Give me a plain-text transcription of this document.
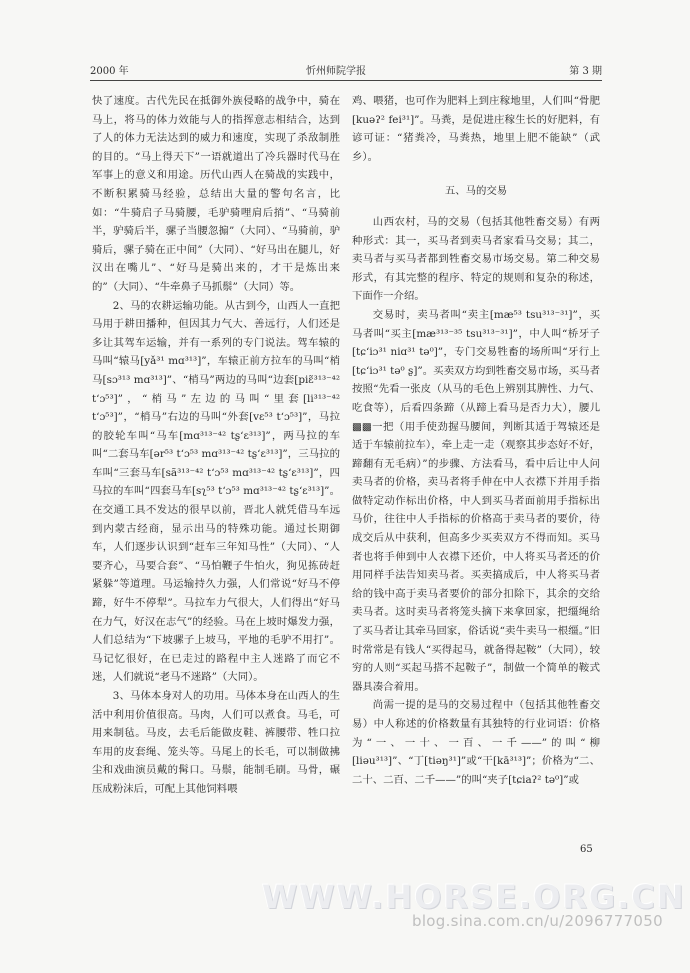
2000 年	忻州师院学报	第 3 期

快了速度。古代先民在抵御外族侵略的战争中，骑在马上，将马的体力效能与人的指挥意志相结合，达到了人的体力无法达到的威力和速度，实现了杀敌制胜的目的。“马上得天下”一语就道出了冷兵器时代马在军事上的意义和用途。历代山西人在骑战的实践中，不断积累骑马经验，总结出大量的警句名言，比如：“牛骑启子马骑腰，毛驴骑哩肩后捎”、“马骑前半，驴骑后半，骡子当腰忽搧”（大同）、“马骑前，驴骑后，骡子骑在正中间”（大同）、“好马出在腿儿，好汉出在嘴儿”、“好马是骑出来的，才干是炼出来的”（大同）、“牛牵鼻子马抓鬃”（大同）等。

2、马的农耕运输功能。从古到今，山西人一直把马用于耕田播种，但因其力气大、善远行，人们还是多让其驾车运输，并有一系列的专门说法。驾车辕的马叫“辕马[yǎ³¹ mɑ³¹³]”，车辕正前方拉车的马叫“梢马[sɔ³¹³ mɑ³¹³]”、“梢马”两边的马叫“边套[piɛ̃³¹³⁻⁴² tʻɔ⁵³]”，“梢马”左边的马叫“里套[li³¹³⁻⁴² tʻɔ⁵³]”，“梢马”右边的马叫“外套[vɛ⁵³ tʻɔ⁵³]”，马拉的胶轮车叫“马车[mɑ³¹³⁻⁴² tʂʻɛ³¹³]”，两马拉的车叫“二套马车[ər⁵³ tʻɔ⁵³ mɑ³¹³⁻⁴² tʂʻɛ³¹³]”，三马拉的车叫“三套马车[sã³¹³⁻⁴² tʻɔ⁵³ mɑ³¹³⁻⁴² tʂʻɛ³¹³]”，四马拉的车叫“四套马车[sʅ⁵³ tʻɔ⁵³ mɑ³¹³⁻⁴² tʂʻɛ³¹³]”。在交通工具不发达的很早以前，晋北人就凭借马车远到内蒙古经商，显示出马的特殊功能。通过长期御车，人们逐步认识到“赶车三年知马性”（大同）、“人要齐心，马要合套”、“马怕鞭子牛怕火，狗见拣砖赶紧躲”等道理。马运输持久力强，人们常说“好马不停蹄，好牛不停犁”。马拉车力气很大，人们得出“好马在力气，好汉在志气”的经验。马在上坡时爆发力强，人们总结为“下坡骡子上坡马，平地的毛驴不用打”。马记忆很好，在已走过的路程中主人迷路了而它不迷，人们就说“老马不迷路”（大同）。

3、马体本身对人的功用。马体本身在山西人的生活中利用价值很高。马肉，人们可以煮食。马毛，可用来制毡。马皮，去毛后能做皮鞋、裤腰带、牲口拉车用的皮套绳、笼头等。马尾上的长毛，可以制做拂尘和戏曲演员戴的髯口。马鬃，能制毛刷。马骨，碾压成粉沫后，可配上其他饲料喂

鸡、喂猪，也可作为肥料上到庄稼地里，人们叫“骨肥[kuəʔ² fei³¹]”。马粪，是促进庄稼生长的好肥料，有谚可证：“猪粪冷，马粪热，地里上肥不能缺”（武乡）。

五、马的交易

山西农村，马的交易（包括其他牲畜交易）有两种形式：其一，买马者到卖马者家看马交易；其二，卖马者与买马者都到牲畜交易市场交易。第二种交易形式，有其完整的程序、特定的规则和复杂的称述，下面作一介绍。

交易时，卖马者叫“卖主[mæ⁵³ tsu³¹³⁻³¹]”，买马者叫“买主[mæ³¹³⁻³⁵ tsu³¹³⁻³¹]”，中人叫“桥牙子[tɕʻiɔ³¹ niɑ³¹ tə⁰]”，专门交易牲畜的场所叫“牙行上[tɕʻiɔ³¹ tə⁰ ʂ]”。买卖双方均到牲畜交易市场，买马者按照“先看一张皮（从马的毛色上辨别其脾性、力气、吃食等），后看四条蹄（从蹄上看马是否力大），腰儿▩▩一把（用手使劲握马腰间，判断其适于驾辕还是适于车辕前拉车），牵上走一走（观察其步态好不好，蹄翻有无毛病）”的步骤、方法看马，看中后让中人问卖马者的价格，卖马者将手伸在中人衣襟下并用手指做特定动作标出价格，中人到买马者面前用手指标出马价，往往中人手指标的价格高于卖马者的要价，待成交后从中获利，但高多少买卖双方不得而知。买马者也将手伸到中人衣襟下还价，中人将买马者还的价用同样手法告知卖马者。买卖搞成后，中人将买马者给的钱中高于卖马者要价的部分扣除下，其余的交给卖马者。这时卖马者将笼头摘下来拿回家，把缰绳给了买马者让其牵马回家，俗话说“卖牛卖马一根缰。”旧时常常是有钱人“买得起马，就备得起鞍”（大同），较穷的人则“买起马搭不起鞍子”，制做一个简单的鞍式器具凑合着用。

尚需一提的是马的交易过程中（包括其他牲畜交易）中人称述的价格数量有其独特的行业词语：价格为“一、一十、一百、一千——”的叫“柳[liəu³¹³]”、“丁[tiəŋ³¹]”或“干[kā³¹³]”；价格为“二、二十、二百、二千——”的叫“夹子[tɕiaʔ² tə⁰]”或

65
WWW.HORSE.ORG.CN
blog.sina.com.cn/u/2096777050
